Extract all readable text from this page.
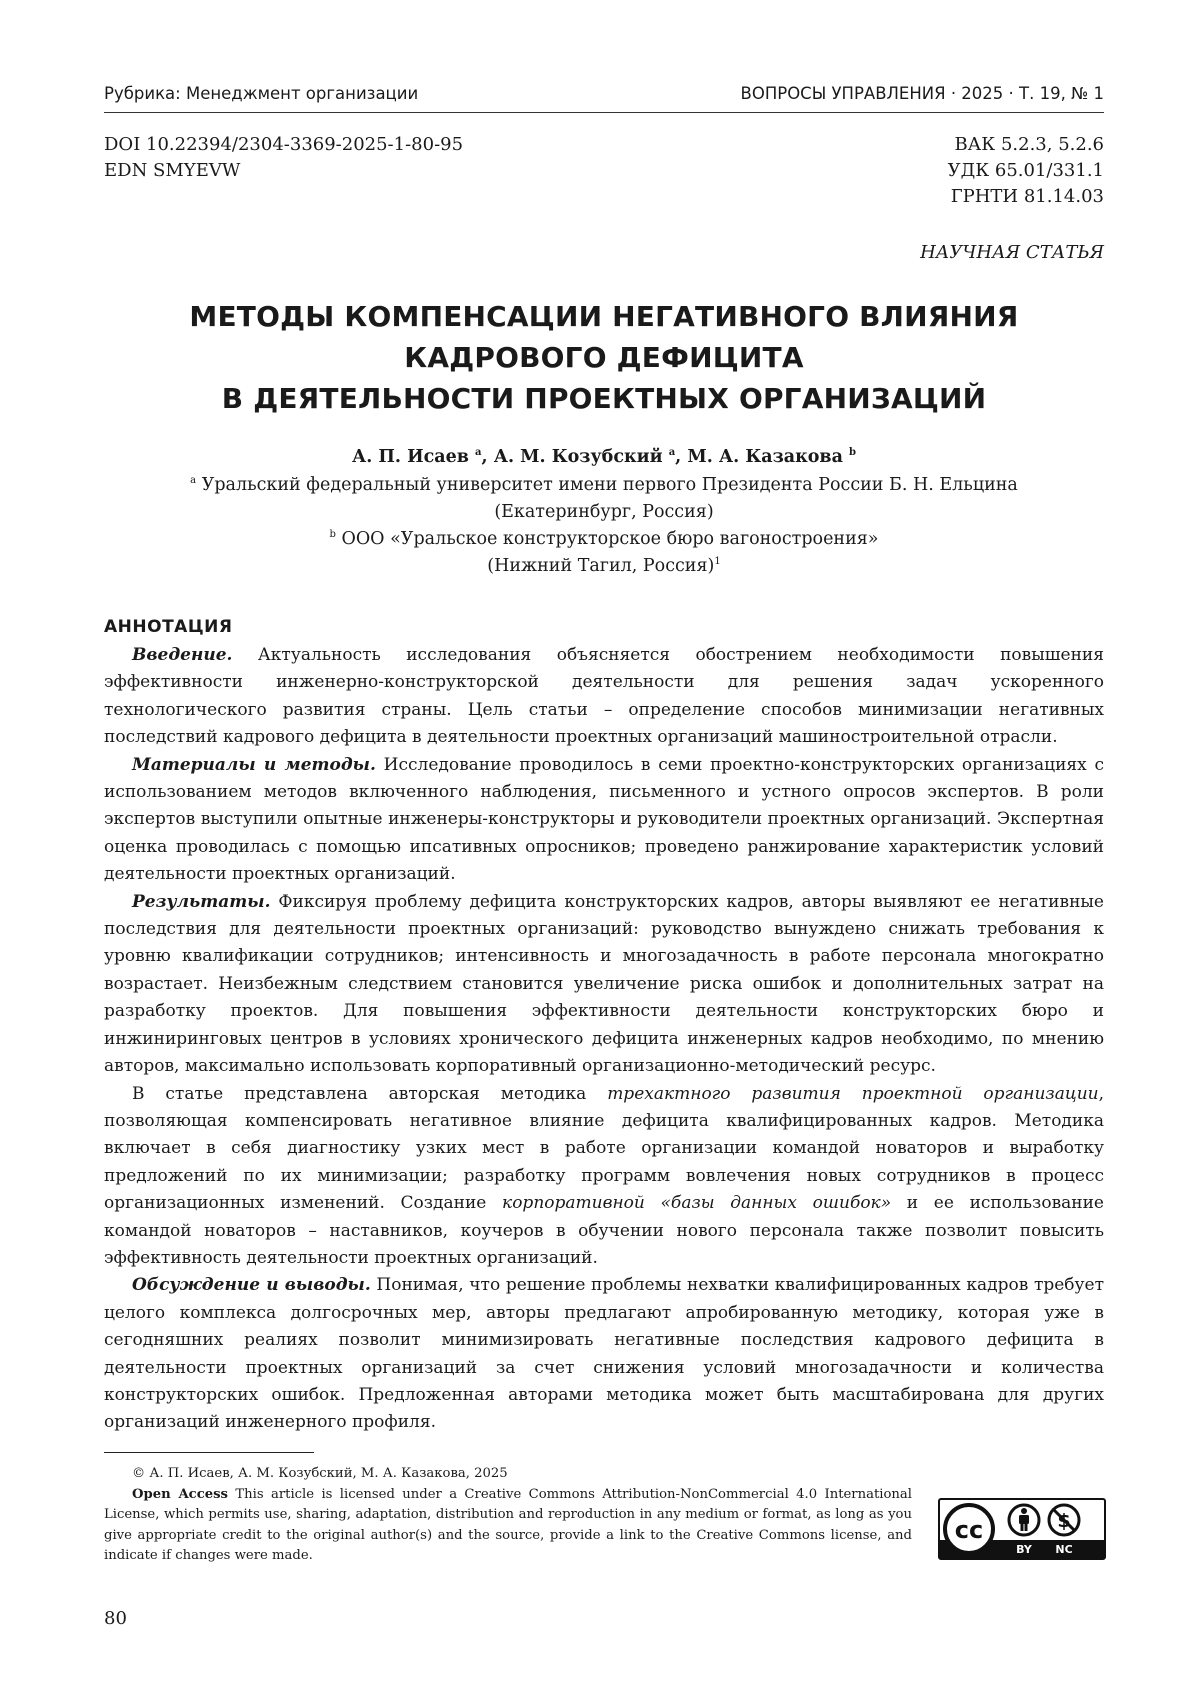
Рубрика: Менеджмент организации	ВОПРОСЫ УПРАВЛЕНИЯ · 2025 · Т. 19, № 1
DOI 10.22394/2304-3369-2025-1-80-95
EDN SMYEVW
ВАК 5.2.3, 5.2.6
УДК 65.01/331.1
ГРНТИ 81.14.03
НАУЧНАЯ СТАТЬЯ
МЕТОДЫ КОМПЕНСАЦИИ НЕГАТИВНОГО ВЛИЯНИЯ
КАДРОВОГО ДЕФИЦИТА
В ДЕЯТЕЛЬНОСТИ ПРОЕКТНЫХ ОРГАНИЗАЦИЙ
А. П. Исаев a, А. М. Козубский a, М. А. Казакова b
a Уральский федеральный университет имени первого Президента России Б. Н. Ельцина
(Екатеринбург, Россия)
b ООО «Уральское конструкторское бюро вагоностроения»
(Нижний Тагил, Россия)1
АННОТАЦИЯ

Введение. Актуальность исследования объясняется обострением необходимости повышения эффективности инженерно-конструкторской деятельности для решения задач ускоренного технологического развития страны. Цель статьи – определение способов минимизации негативных последствий кадрового дефицита в деятельности проектных организаций машиностроительной отрасли.

Материалы и методы. Исследование проводилось в семи проектно-конструкторских организациях с использованием методов включенного наблюдения, письменного и устного опросов экспертов. В роли экспертов выступили опытные инженеры-конструкторы и руководители проектных организаций. Экспертная оценка проводилась с помощью ипсативных опросников; проведено ранжирование характеристик условий деятельности проектных организаций.

Результаты. Фиксируя проблему дефицита конструкторских кадров, авторы выявляют ее негативные последствия для деятельности проектных организаций: руководство вынуждено снижать требования к уровню квалификации сотрудников; интенсивность и многозадачность в работе персонала многократно возрастает. Неизбежным следствием становится увеличение риска ошибок и дополнительных затрат на разработку проектов. Для повышения эффективности деятельности конструкторских бюро и инжиниринговых центров в условиях хронического дефицита инженерных кадров необходимо, по мнению авторов, максимально использовать корпоративный организационно-методический ресурс.

В статье представлена авторская методика трехактного развития проектной организации, позволяющая компенсировать негативное влияние дефицита квалифицированных кадров. Методика включает в себя диагностику узких мест в работе организации командой новаторов и выработку предложений по их минимизации; разработку программ вовлечения новых сотрудников в процесс организационных изменений. Создание корпоративной «базы данных ошибок» и ее использование командой новаторов – наставников, коучеров в обучении нового персонала также позволит повысить эффективность деятельности проектных организаций.

Обсуждение и выводы. Понимая, что решение проблемы нехватки квалифицированных кадров требует целого комплекса долгосрочных мер, авторы предлагают апробированную методику, которая уже в сегодняшних реалиях позволит минимизировать негативные последствия кадрового дефицита в деятельности проектных организаций за счет снижения условий многозадачности и количества конструкторских ошибок. Предложенная авторами методика может быть масштабирована для других организаций инженерного профиля.

© А. П. Исаев, А. М. Козубский, М. А. Казакова, 2025

Open Access This article is licensed under a Creative Commons Attribution-NonCommercial 4.0 International License, which permits use, sharing, adaptation, distribution and reproduction in any medium or format, as long as you give appropriate credit to the original author(s) and the source, provide a link to the Creative Commons license, and indicate if changes were made.

cc
BY NC
80
